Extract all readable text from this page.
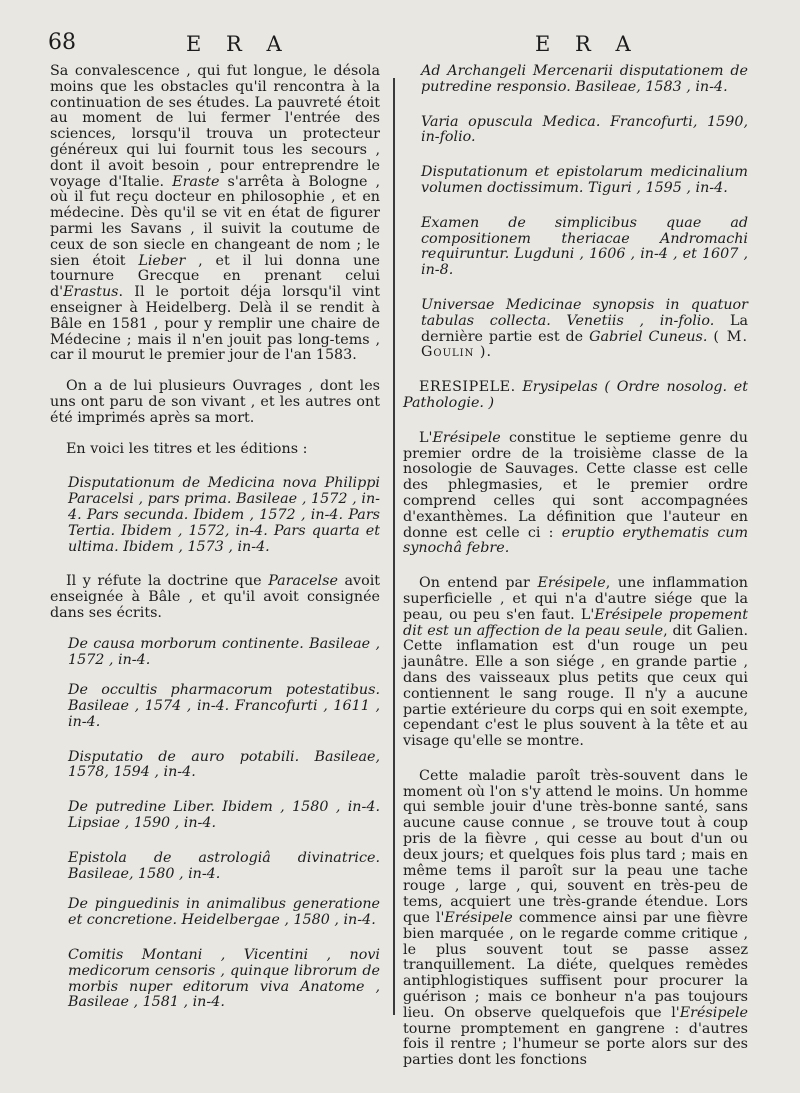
68	E R A	E R A

Sa convalescence , qui fut longue, le désola moins que les obstacles qu'il rencontra à la continuation de ses études. La pauvreté étoit au moment de lui fermer l'entrée des sciences, lorsqu'il trouva un protecteur généreux qui lui fournit tous les secours , dont il avoit besoin , pour entreprendre le voyage d'Italie. Eraste s'arrêta à Bologne , où il fut reçu docteur en philosophie , et en médecine. Dès qu'il se vit en état de figurer parmi les Savans , il suivit la coutume de ceux de son siecle en changeant de nom ; le sien étoit Lieber , et il lui donna une tournure Grecque en prenant celui d'Erastus. Il le portoit déja lorsqu'il vint enseigner à Heidelberg. Delà il se rendit à Bâle en 1581 , pour y remplir une chaire de Médecine ; mais il n'en jouit pas long-tems , car il mourut le premier jour de l'an 1583.

On a de lui plusieurs Ouvrages , dont les uns ont paru de son vivant , et les autres ont été imprimés après sa mort.

En voici les titres et les éditions :

Disputationum de Medicina nova Philippi Paracelsi , pars prima. Basileae , 1572 , in-4. Pars secunda. Ibidem , 1572 , in-4. Pars Tertia. Ibidem , 1572, in-4. Pars quarta et ultima. Ibidem , 1573 , in-4.

Il y réfute la doctrine que Paracelse avoit enseignée à Bâle , et qu'il avoit consignée dans ses écrits.

De causa morborum continente. Basileae , 1572 , in-4.

De occultis pharmacorum potestatibus. Basileae , 1574 , in-4. Francofurti , 1611 , in-4.

Disputatio de auro potabili. Basileae, 1578, 1594 , in-4.

De putredine Liber. Ibidem , 1580 , in-4. Lipsiae , 1590 , in-4.

Epistola de astrologiâ divinatrice. Basileae, 1580 , in-4.

De pinguedinis in animalibus generatione et concretione. Heidelbergae , 1580 , in-4.

Comitis Montani , Vicentini , novi medicorum censoris , quinque librorum de morbis nuper editorum viva Anatome , Basileae , 1581 , in-4.

Ad Archangeli Mercenarii disputationem de putredine responsio. Basileae, 1583 , in-4.

Varia opuscula Medica. Francofurti, 1590, in-folio.

Disputationum et epistolarum medicinalium volumen doctissimum. Tiguri , 1595 , in-4.

Examen de simplicibus quae ad compositionem theriacae Andromachi requiruntur. Lugduni , 1606 , in-4 , et 1607 , in-8.

Universae Medicinae synopsis in quatuor tabulas collecta. Venetiis , in-folio. La dernière partie est de Gabriel Cuneus. ( M. Goulin ).

ERESIPELE. Erysipelas ( Ordre nosolog. et Pathologie. )

L'Erésipele constitue le septieme genre du premier ordre de la troisième classe de la nosologie de Sauvages. Cette classe est celle des phlegmasies, et le premier ordre comprend celles qui sont accompagnées d'exanthèmes. La définition que l'auteur en donne est celle ci : eruptio erythematis cum synochâ febre.

On entend par Erésipele, une inflammation superficielle , et qui n'a d'autre siége que la peau, ou peu s'en faut. L'Erésipele propement dit est un affection de la peau seule, dit Galien. Cette inflamation est d'un rouge un peu jaunâtre. Elle a son siége , en grande partie , dans des vaisseaux plus petits que ceux qui contiennent le sang rouge. Il n'y a aucune partie extérieure du corps qui en soit exempte, cependant c'est le plus souvent à la tête et au visage qu'elle se montre.

Cette maladie paroît très-souvent dans le moment où l'on s'y attend le moins. Un homme qui semble jouir d'une très-bonne santé, sans aucune cause connue , se trouve tout à coup pris de la fièvre , qui cesse au bout d'un ou deux jours; et quelques fois plus tard ; mais en même tems il paroît sur la peau une tache rouge , large , qui, souvent en très-peu de tems, acquiert une très-grande étendue. Lors que l'Erésipele commence ainsi par une fièvre bien marquée , on le regarde comme critique , le plus souvent tout se passe assez tranquillement. La diéte, quelques remèdes antiphlogistiques suffisent pour procurer la guérison ; mais ce bonheur n'a pas toujours lieu. On observe quelquefois que l'Erésipele tourne promptement en gangrene : d'autres fois il rentre ; l'humeur se porte alors sur des parties dont les fonctions
